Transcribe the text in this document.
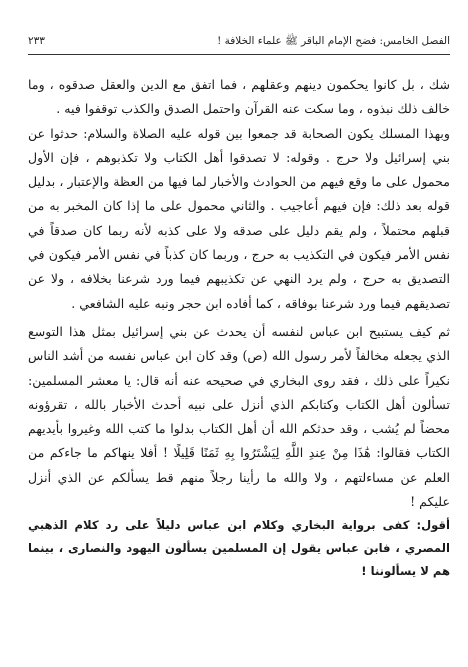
الفصل الخامس: فضح الإمام الباقر ﷺ علماء الخلافة !
٢٣٣

شك ، بل كانوا يحكمون دينهم وعقلهم ، فما اتفق مع الدين والعقل صدقوه ، وما خالف ذلك نبذوه ، وما سكت عنه القرآن واحتمل الصدق والكذب توقفوا فيه .

وبهذا المسلك يكون الصحابة قد جمعوا بين قوله عليه الصلاة والسلام: حدثوا عن بني إسرائيل ولا حرج . وقوله: لا تصدقوا أهل الكتاب ولا تكذبوهم ، فإن الأول محمول على ما وقع فيهم من الحوادث والأخبار لما فيها من العظة والإعتبار ، بدليل قوله بعد ذلك: فإن فيهم أعاجيب . والثاني محمول على ما إذا كان المخبر به من قبلهم محتملاً ، ولم يقم دليل على صدقه ولا على كذبه لأنه ربما كان صدقاً في نفس الأمر فيكون في التكذيب به حرج ، وربما كان كذباً في نفس الأمر فيكون في التصديق به حرج ، ولم يرد النهي عن تكذيبهم فيما ورد شرعنا بخلافه ، ولا عن تصديقهم فيما ورد شرعنا بوفاقه ، كما أفاده ابن حجر ونبه عليه الشافعي .

ثم كيف يستبيح ابن عباس لنفسه أن يحدث عن بني إسرائيل بمثل هذا التوسع الذي يجعله مخالفاً لأمر رسول الله (ص) وقد كان ابن عباس نفسه من أشد الناس نكيراً على ذلك ، فقد روى البخاري في صحيحه عنه أنه قال: يا معشر المسلمين: تسألون أهل الكتاب وكتابكم الذي أنزل على نبيه أحدث الأخبار بالله ، تقرؤونه محضاً لم يُشب ، وقد حدثكم الله أن أهل الكتاب بدلوا ما كتب الله وغيروا بأيديهم الكتاب فقالوا: هَٰذَا مِنْ عِندِ اللَّهِ لِيَشْتَرُوا بِهِ ثَمَنًا قَلِيلًا ! أفلا ينهاكم ما جاءكم من العلم عن مساءلتهم ، ولا والله ما رأينا رجلاً منهم قط يسألكم عن الذي أنزل عليكم !

أقول: كفى برواية البخاري وكلام ابن عباس دليلاً على رد كلام الذهبي المصري ، فابن عباس يقول إن المسلمين يسألون اليهود والنصارى ، بينما هم لا يسألوننا !
